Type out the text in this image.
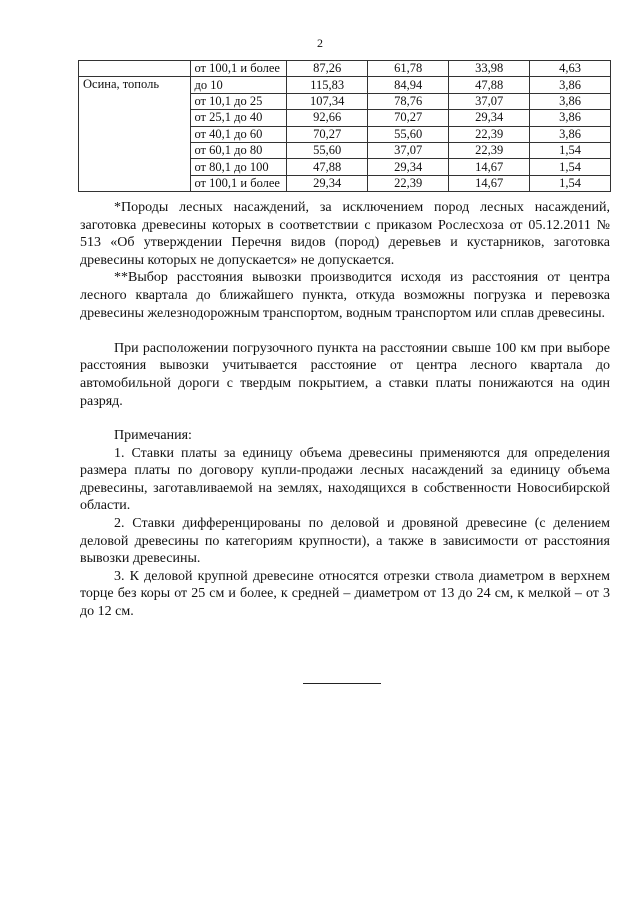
2
	от 100,1 и более	87,26	61,78	33,98	4,63
Осина, тополь	до 10	115,83	84,94	47,88	3,86
	от 10,1 до 25	107,34	78,76	37,07	3,86
	от 25,1 до 40	92,66	70,27	29,34	3,86
	от 40,1 до 60	70,27	55,60	22,39	3,86
	от 60,1 до 80	55,60	37,07	22,39	1,54
	от 80,1 до 100	47,88	29,34	14,67	1,54
	от 100,1 и более	29,34	22,39	14,67	1,54

*Породы лесных насаждений, за исключением пород лесных насаждений, заготовка древесины которых в соответствии с приказом Рослесхоза от 05.12.2011 № 513 «Об утверждении Перечня видов (пород) деревьев и кустарников, заготовка древесины которых не допускается» не допускается.

**Выбор расстояния вывозки производится исходя из расстояния от центра лесного квартала до ближайшего пункта, откуда возможны погрузка и перевозка древесины железнодорожным транспортом, водным транспортом или сплав древесины.

При расположении погрузочного пункта на расстоянии свыше 100 км при выборе расстояния вывозки учитывается расстояние от центра лесного квартала до автомобильной дороги с твердым покрытием, а ставки платы понижаются на один разряд.

Примечания:

1. Ставки платы за единицу объема древесины применяются для определения размера платы по договору купли-продажи лесных насаждений за единицу объема древесины, заготавливаемой на землях, находящихся в собственности Новосибирской области.

2. Ставки дифференцированы по деловой и дровяной древесине (с делением деловой древесины по категориям крупности), а также в зависимости от расстояния вывозки древесины.

3. К деловой крупной древесине относятся отрезки ствола диаметром в верхнем торце без коры от 25 см и более, к средней – диаметром от 13 до 24 см, к мелкой – от 3 до 12 см.
